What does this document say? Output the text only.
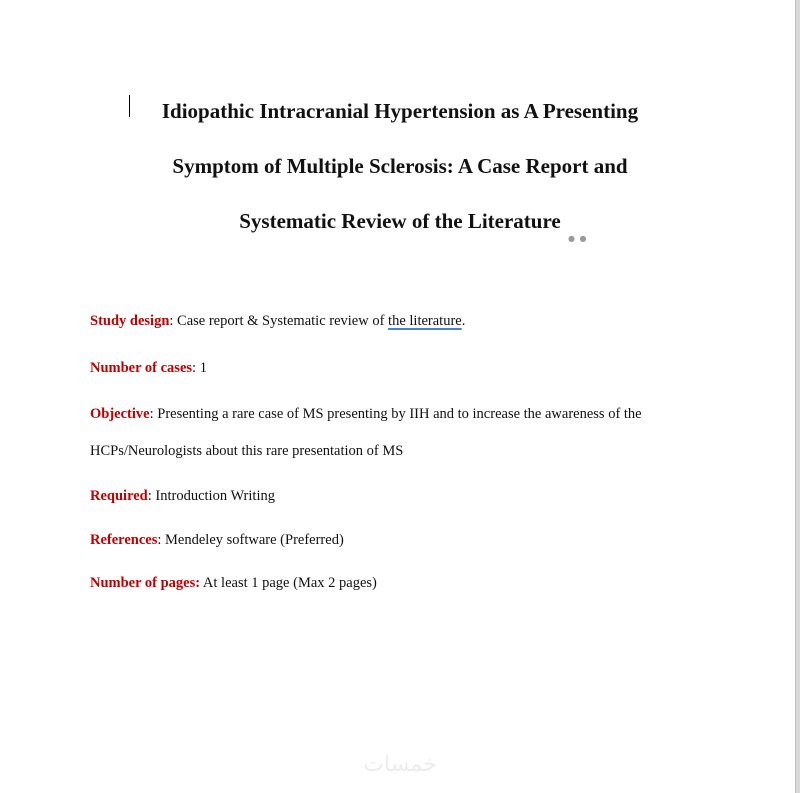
Idiopathic Intracranial Hypertension as A Presenting
Symptom of Multiple Sclerosis: A Case Report and
Systematic Review of the Literature
● ●
Study design: Case report & Systematic review of the literature.
Number of cases: 1
Objective: Presenting a rare case of MS presenting by IIH and to increase the awareness of the
HCPs/Neurologists about this rare presentation of MS
Required: Introduction Writing
References: Mendeley software (Preferred)
Number of pages: At least 1 page (Max 2 pages)
خمسات
